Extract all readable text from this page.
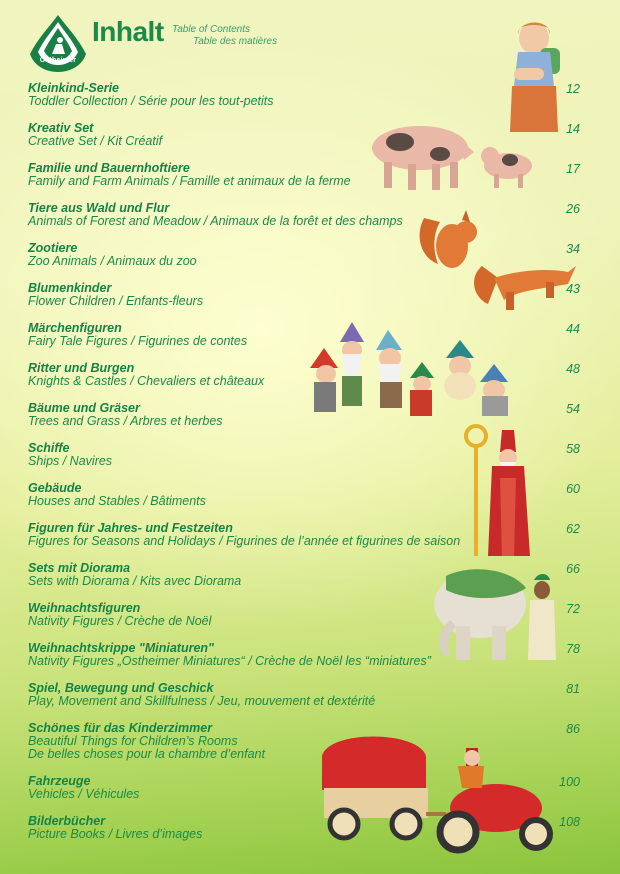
Ostheimer
Inhalt Table of Contents
Table des matières
Kleinkind-Serie
Toddler Collection / Série pour les tout-petits
12
Kreativ Set
Creative Set / Kit Créatif
14
Familie und Bauernhoftiere
Family and Farm Animals / Famille et animaux de la ferme
17
Tiere aus Wald und Flur
Animals of Forest and Meadow / Animaux de la forêt et des champs
26
Zootiere
Zoo Animals / Animaux du zoo
34
Blumenkinder
Flower Children / Enfants-fleurs
43
Märchenfiguren
Fairy Tale Figures / Figurines de contes
44
Ritter und Burgen
Knights & Castles / Chevaliers et châteaux
48
Bäume und Gräser
Trees and Grass / Arbres et herbes
54
Schiffe
Ships / Navires
58
Gebäude
Houses and Stables / Bâtiments
60
Figuren für Jahres- und Festzeiten
Figures for Seasons and Holidays / Figurines de l’année et figurines de saison
62
Sets mit Diorama
Sets with Diorama / Kits avec Diorama
66
Weihnachtsfiguren
Nativity Figures / Crèche de Noël
72
Weihnachtskrippe "Miniaturen"
Nativity Figures „Ostheimer Miniatures“ / Crèche de Noël les “miniatures”
78
Spiel, Bewegung und Geschick
Play, Movement and Skillfulness / Jeu, mouvement et dextérité
81
Schönes für das Kinderzimmer
Beautiful Things for Children’s Rooms
De belles choses pour la chambre d’enfant
86
Fahrzeuge
Vehicles / Véhicules
100
Bilderbücher
Picture Books / Livres d’images
108
